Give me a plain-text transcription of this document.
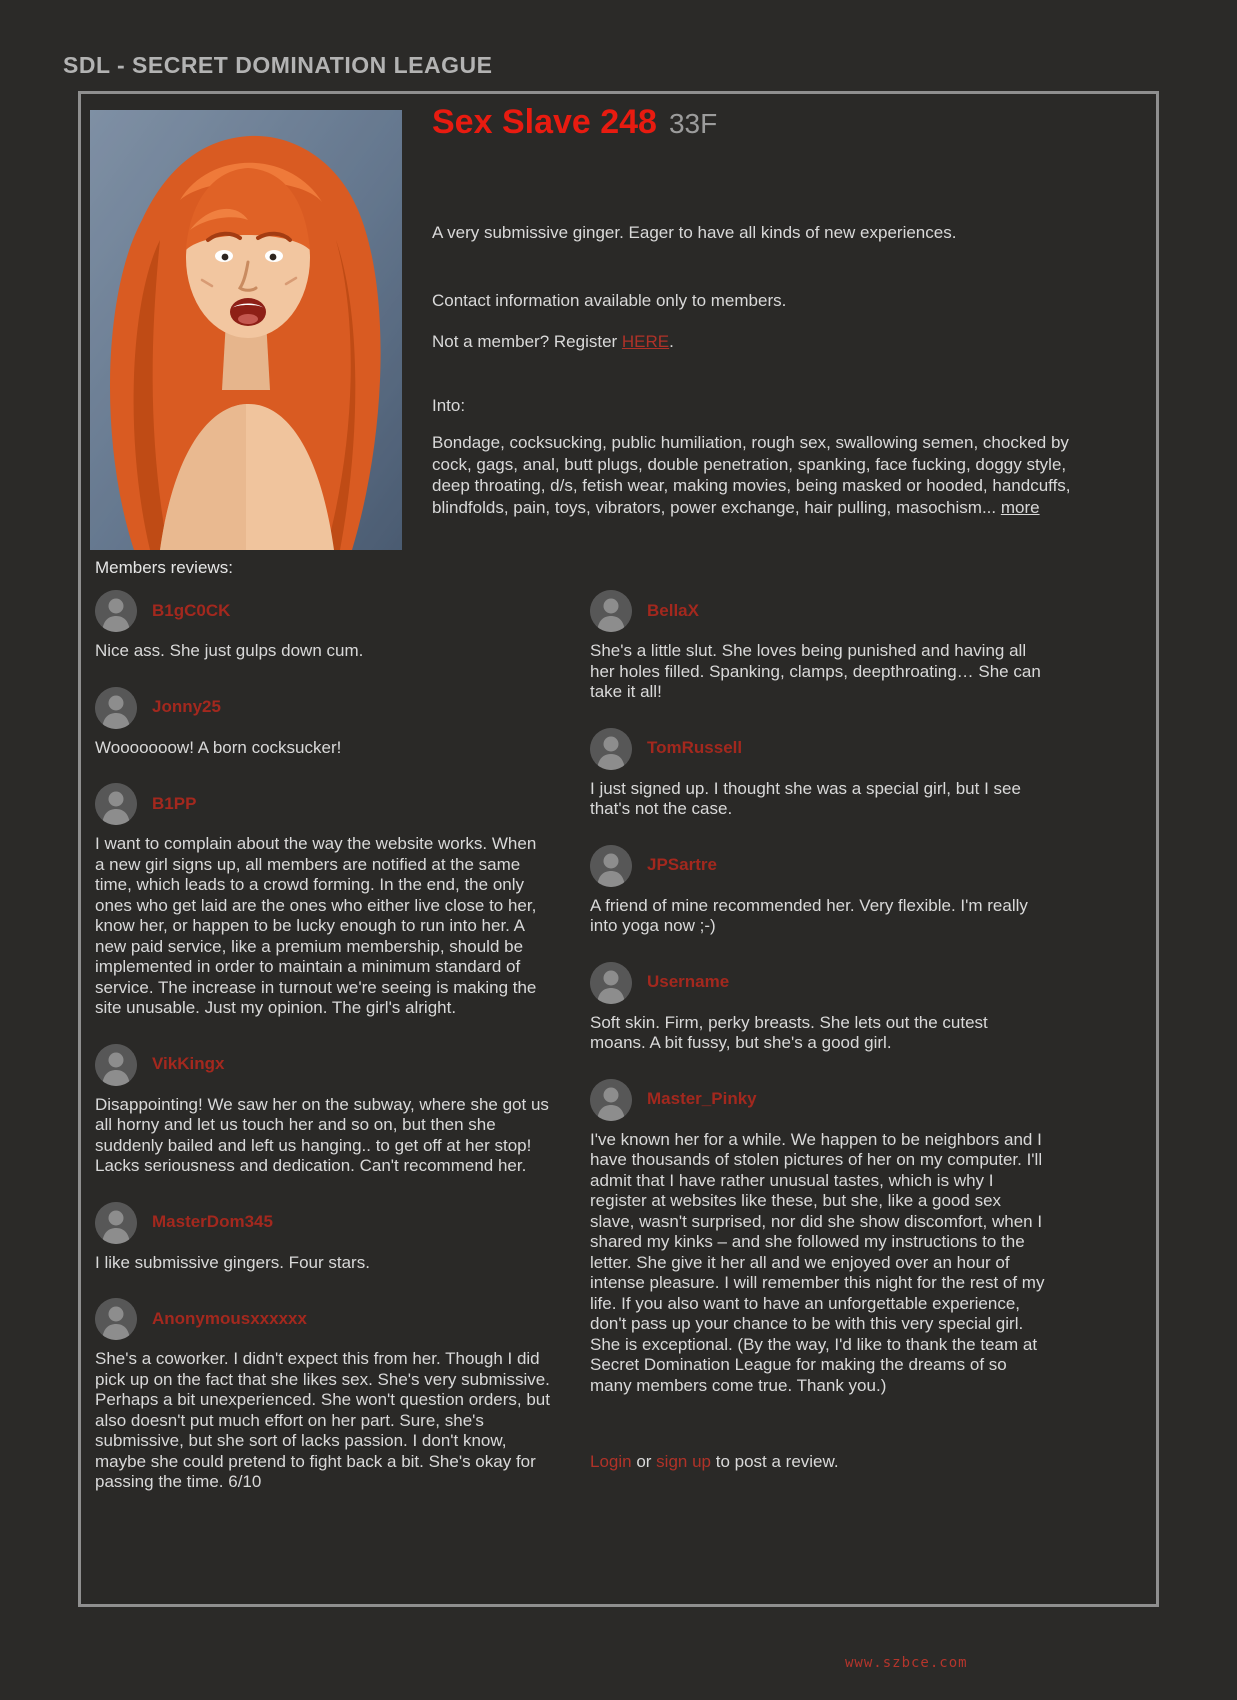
SDL - SECRET DOMINATION LEAGUE
Sex Slave 248 33F

A very submissive ginger. Eager to have all kinds of new experiences.

Contact information available only to members.

Not a member? Register HERE.

Into:

Bondage, cocksucking, public humiliation, rough sex, swallowing semen, chocked by cock, gags, anal, butt plugs, double penetration, spanking, face fucking, doggy style, deep throating, d/s, fetish wear, making movies, being masked or hooded, handcuffs, blindfolds, pain, toys, vibrators, power exchange, hair pulling, masochism... more

Members reviews:
B1gC0CK

Nice ass. She just gulps down cum.

Jonny25

Wooooooow! A born cocksucker!

B1PP

I want to complain about the way the website works. When a new girl signs up, all members are notified at the same time, which leads to a crowd forming. In the end, the only ones who get laid are the ones who either live close to her, know her, or happen to be lucky enough to run into her. A new paid service, like a premium membership, should be implemented in order to maintain a minimum standard of service. The increase in turnout we're seeing is making the site unusable. Just my opinion. The girl's alright.

VikKingx

Disappointing! We saw her on the subway, where she got us all horny and let us touch her and so on, but then she suddenly bailed and left us hanging.. to get off at her stop! Lacks seriousness and dedication. Can't recommend her.

MasterDom345

I like submissive gingers. Four stars.

Anonymousxxxxxx

She's a coworker. I didn't expect this from her. Though I did pick up on the fact that she likes sex. She's very submissive. Perhaps a bit unexperienced. She won't question orders, but also doesn't put much effort on her part. Sure, she's submissive, but she sort of lacks passion. I don't know, maybe she could pretend to fight back a bit. She's okay for passing the time. 6/10

BellaX

She's a little slut. She loves being punished and having all her holes filled. Spanking, clamps, deepthroating… She can take it all!

TomRussell

I just signed up. I thought she was a special girl, but I see that's not the case.

JPSartre

A friend of mine recommended her. Very flexible. I'm really into yoga now ;-)

Username

Soft skin. Firm, perky breasts. She lets out the cutest moans. A bit fussy, but she's a good girl.

Master_Pinky

I've known her for a while. We happen to be neighbors and I have thousands of stolen pictures of her on my computer. I'll admit that I have rather unusual tastes, which is why I register at websites like these, but she, like a good sex slave, wasn't surprised, nor did she show discomfort, when I shared my kinks – and she followed my instructions to the letter. She give it her all and we enjoyed over an hour of intense pleasure. I will remember this night for the rest of my life. If you also want to have an unforgettable experience, don't pass up your chance to be with this very special girl. She is exceptional. (By the way, I'd like to thank the team at Secret Domination League for making the dreams of so many members come true. Thank you.)

Login or sign up to post a review.

www.szbce.com
